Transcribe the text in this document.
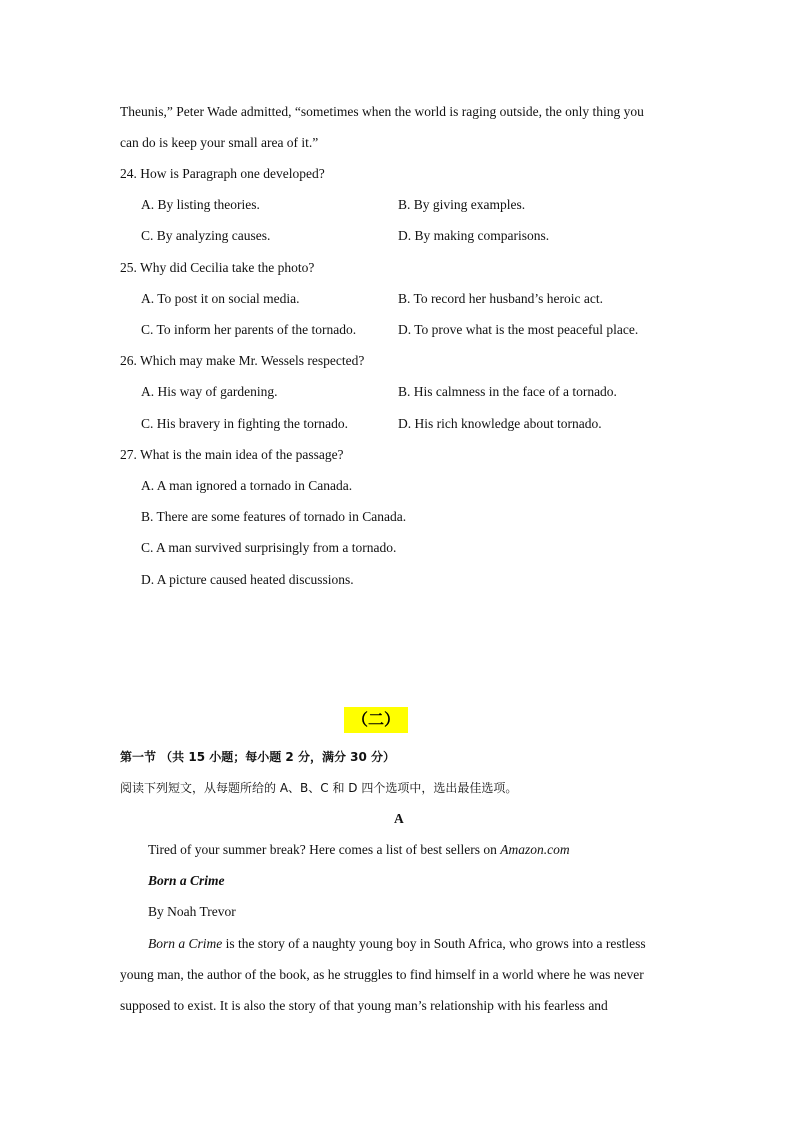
Theunis,” Peter Wade admitted, “sometimes when the world is raging outside, the only thing you
can do is keep your small area of it.”
24. How is Paragraph one developed?
A. By listing theories.	B. By giving examples.
C. By analyzing causes.	D. By making comparisons.
25. Why did Cecilia take the photo?
A. To post it on social media.	B. To record her husband’s heroic act.
C. To inform her parents of the tornado.	D. To prove what is the most peaceful place.
26. Which may make Mr. Wessels respected?
A. His way of gardening.	B. His calmness in the face of a tornado.
C. His bravery in fighting the tornado.	D. His rich knowledge about tornado.
27. What is the main idea of the passage?
A. A man ignored a tornado in Canada.
B. There are some features of tornado in Canada.
C. A man survived surprisingly from a tornado.
D. A picture caused heated discussions.
（二）
第一节 （共 15 小题；每小题 2 分，满分 30 分）
阅读下列短文，从每题所给的 A、B、C 和 D 四个选项中，选出最佳选项。
A
Tired of your summer break? Here comes a list of best sellers on Amazon.com
Born a Crime
By Noah Trevor
Born a Crime is the story of a naughty young boy in South Africa, who grows into a restless
young man, the author of the book, as he struggles to find himself in a world where he was never
supposed to exist. It is also the story of that young man’s relationship with his fearless and
